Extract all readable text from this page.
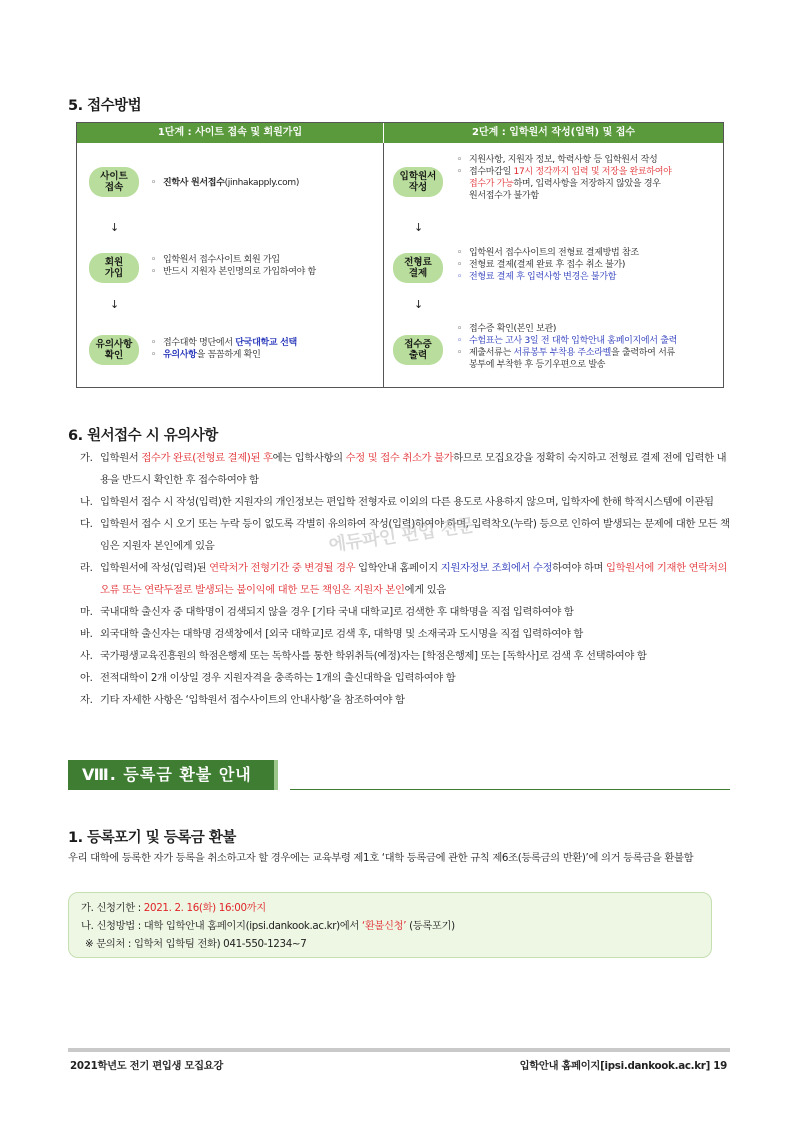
5. 접수방법
1단계 : 사이트 접속 및 회원가입	2단계 : 입학원서 작성(입력) 및 접수
사이트
접속
◦	진학사 원서접수(jinhakapply.com)
↓
회원
가입
◦ 입학원서 접수사이트 회원 가입
◦ 반드시 지원자 본인명의로 가입하여야 함
↓
유의사항
확인
◦ 접수대학 명단에서 단국대학교 선택
◦ 유의사항을 꼼꼼하게 확인
입학원서
작성
◦ 지원사항, 지원자 정보, 학력사항 등 입학원서 작성
◦ 접수마감일 17시 정각까지 입력 및 저장을 완료하여야
접수가 가능하며, 입력사항을 저장하지 않았을 경우
원서접수가 불가함
↓
전형료
결제
◦ 입학원서 접수사이트의 전형료 결제방법 참조
◦ 전형료 결제(결제 완료 후 접수 취소 불가)
◦ 전형료 결제 후 입력사항 변경은 불가함
↓
접수증
출력
◦ 접수증 확인(본인 보관)
◦ 수험표는 고사 3일 전 대학 입학안내 홈페이지에서 출력
◦ 제출서류는 서류봉투 부착용 주소라벨을 출력하여 서류
봉투에 부착한 후 등기우편으로 발송
6. 원서접수 시 유의사항
가. 입학원서 접수가 완료(전형료 결제)된 후에는 입학사항의 수정 및 접수 취소가 불가하므로 모집요강을 정확히 숙지하고 전형료 결제 전에 입력한 내용을 반드시 확인한 후 접수하여야 함
나. 입학원서 접수 시 작성(입력)한 지원자의 개인정보는 편입학 전형자료 이외의 다른 용도로 사용하지 않으며, 입학자에 한해 학적시스템에 이관됨
다. 입학원서 접수 시 오기 또는 누락 등이 없도록 각별히 유의하여 작성(입력)하여야 하며, 입력착오(누락) 등으로 인하여 발생되는 문제에 대한 모든 책임은 지원자 본인에게 있음
라. 입학원서에 작성(입력)된 연락처가 전형기간 중 변경될 경우 입학안내 홈페이지 지원자정보 조회에서 수정하여야 하며 입학원서에 기재한 연락처의 오류 또는 연락두절로 발생되는 불이익에 대한 모든 책임은 지원자 본인에게 있음
마. 국내대학 출신자 중 대학명이 검색되지 않을 경우 [기타 국내 대학교]로 검색한 후 대학명을 직접 입력하여야 함
바. 외국대학 출신자는 대학명 검색창에서 [외국 대학교]로 검색 후, 대학명 및 소재국과 도시명을 직접 입력하여야 함
사. 국가평생교육진흥원의 학점은행제 또는 독학사를 통한 학위취득(예정)자는 [학점은행제] 또는 [독학사]로 검색 후 선택하여야 함
아. 전적대학이 2개 이상일 경우 지원자격을 충족하는 1개의 출신대학을 입력하여야 함
자. 기타 자세한 사항은 ‘입학원서 접수사이트의 안내사항’을 참조하여야 함
에듀파인 편입 전문
Ⅷ. 등록금 환불 안내
1. 등록포기 및 등록금 환불
우리 대학에 등록한 자가 등록을 취소하고자 할 경우에는 교육부령 제1호 ‘대학 등록금에 관한 규칙 제6조(등록금의 반환)’에 의거 등록금을 환불함
가. 신청기한 : 2021. 2. 16(화) 16:00까지
나. 신청방법 : 대학 입학안내 홈페이지(ipsi.dankook.ac.kr)에서 ‘환불신청’ (등록포기)
※ 문의처 : 입학처 입학팀 전화) 041-550-1234~7
2021학년도 전기 편입생 모집요강	입학안내 홈페이지[ipsi.dankook.ac.kr] 19
